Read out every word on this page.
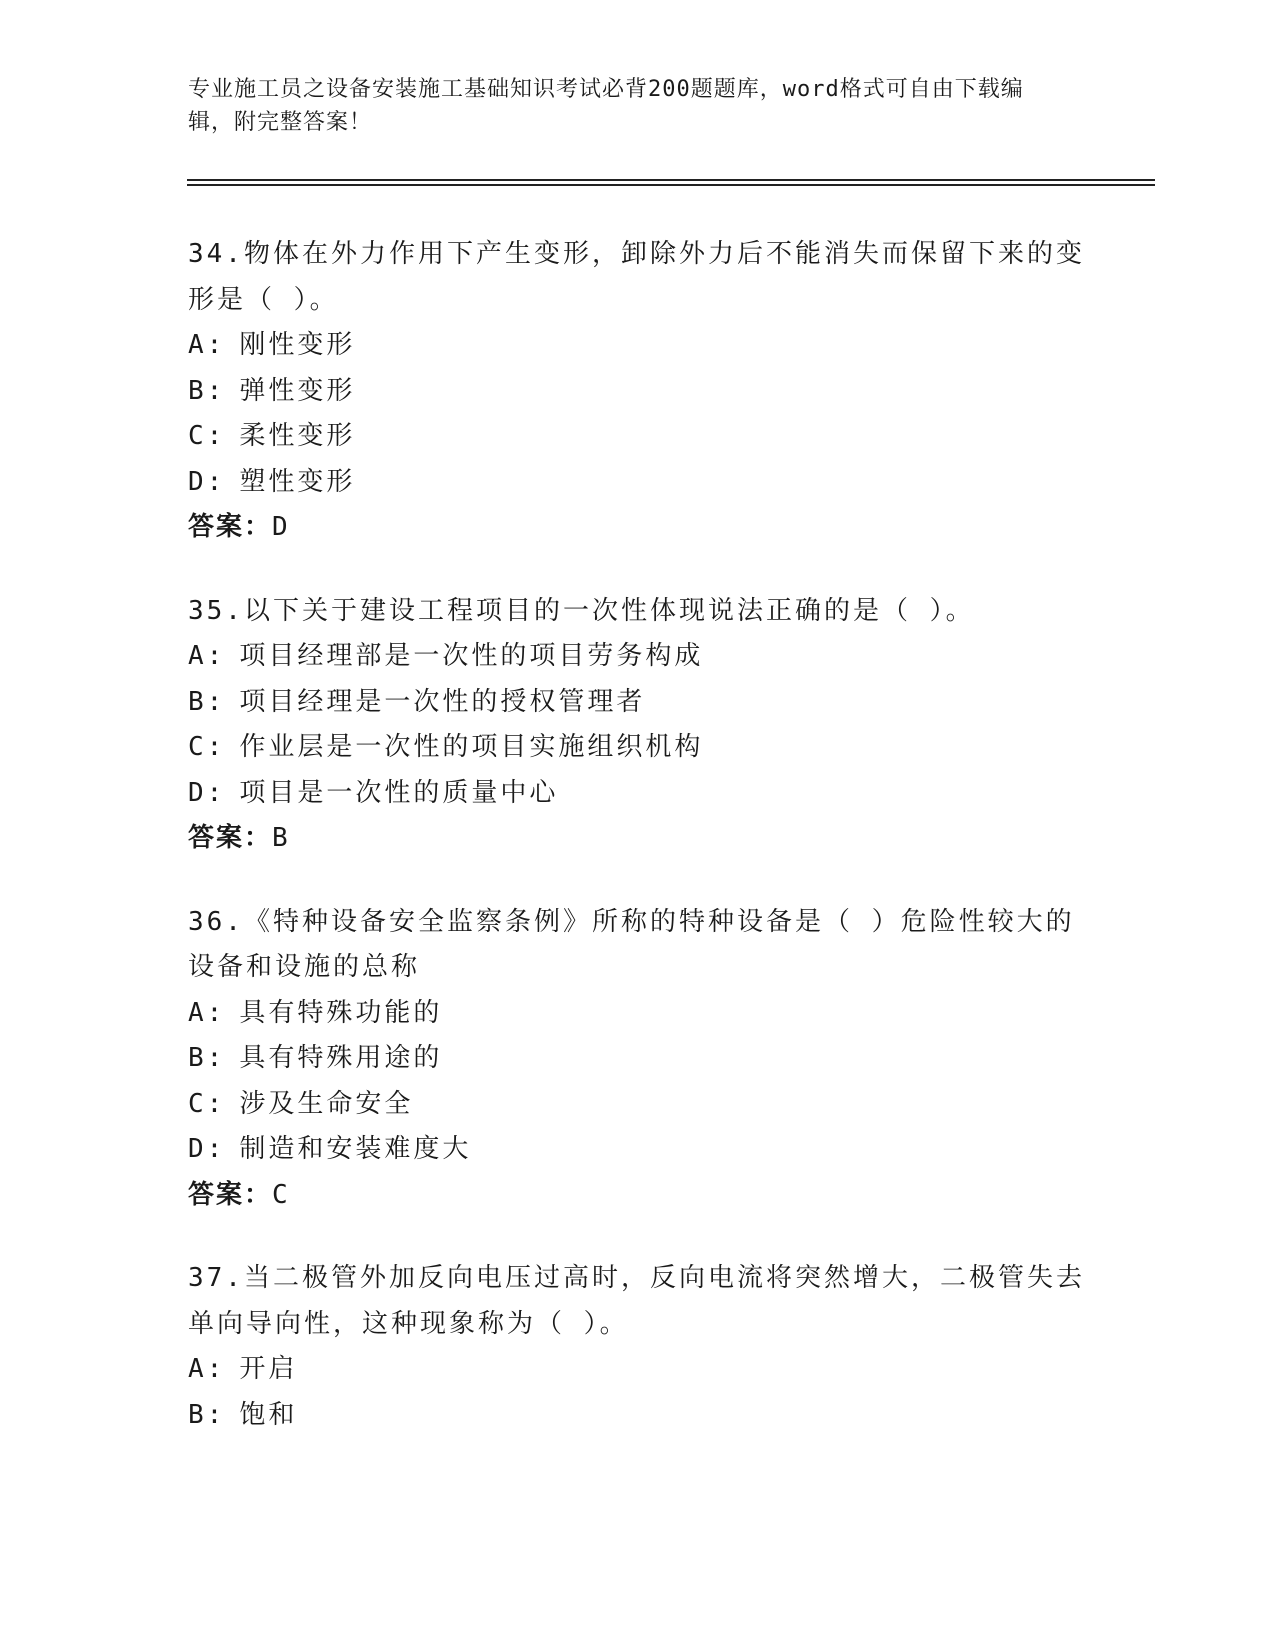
专业施工员之设备安装施工基础知识考试必背200题题库，word格式可自由下载编辑，附完整答案！

34.物体在外力作用下产生变形，卸除外力后不能消失而保留下来的变形是（ ）。

A: 刚性变形

B: 弹性变形

C: 柔性变形

D: 塑性变形

答案：D

35.以下关于建设工程项目的一次性体现说法正确的是（ ）。

A: 项目经理部是一次性的项目劳务构成

B: 项目经理是一次性的授权管理者

C: 作业层是一次性的项目实施组织机构

D: 项目是一次性的质量中心

答案：B

36.《特种设备安全监察条例》所称的特种设备是（ ）危险性较大的设备和设施的总称

A: 具有特殊功能的

B: 具有特殊用途的

C: 涉及生命安全

D: 制造和安装难度大

答案：C

37.当二极管外加反向电压过高时，反向电流将突然增大，二极管失去单向导向性，这种现象称为（ ）。

A: 开启

B: 饱和
